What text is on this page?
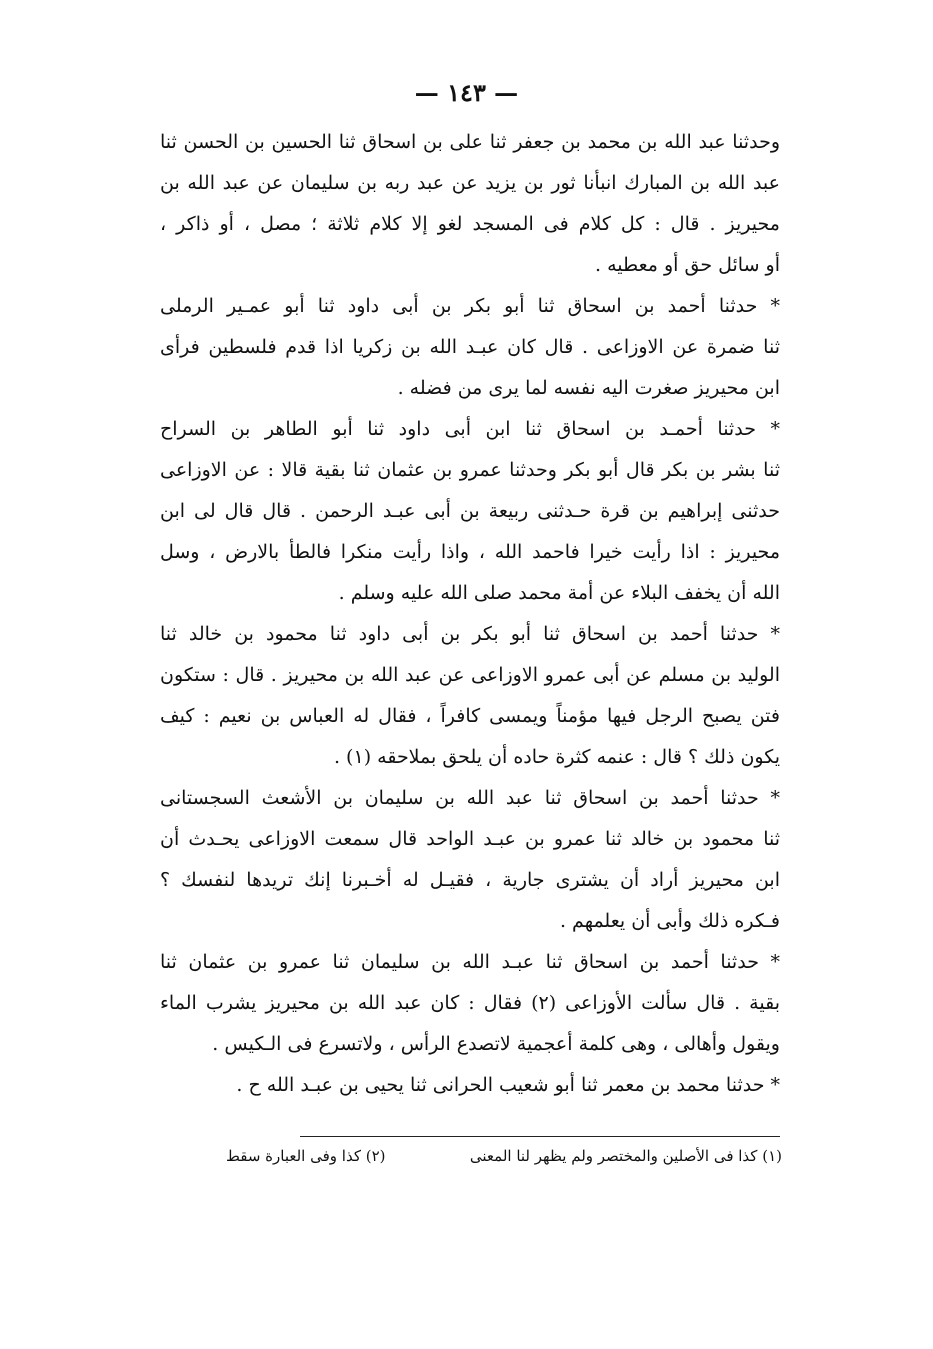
— ١٤٣ —
وحدثنا عبد الله بن محمد بن جعفر ثنا على بن اسحاق ثنا الحسين بن الحسن ثنا
عبد الله بن المبارك انبأنا ثور بن يزيد عن عبد ربه بن سليمان عن عبد الله بن
محيريز . قال : كل كلام فى المسجد لغو إلا كلام ثلاثة ؛ مصل ، أو ذاكر ،
أو سائل حق أو معطيه .
* حدثنا أحمد بن اسحاق ثنا أبو بكر بن أبى داود ثنا أبو عمـير الرملى
ثنا ضمرة عن الاوزاعى . قال كان عبـد الله بن زكريا اذا قدم فلسطين فرأى
ابن محيريز صغرت اليه نفسه لما يرى من فضله .
* حدثنا أحمـد بن اسحاق ثنا ابن أبى داود ثنا أبو الطاهر بن السراح
ثنا بشر بن بكر قال أبو بكر وحدثنا عمرو بن عثمان ثنا بقية قالا : عن الاوزاعى
حدثنى إبراهيم بن قرة حـدثنى ربيعة بن أبى عبـد الرحمن . قال قال لى ابن
محيريز : اذا رأيت خيرا فاحمد الله ، واذا رأيت منكرا فالطأ بالارض ، وسل
الله أن يخفف البلاء عن أمة محمد صلى الله عليه وسلم .
* حدثنا أحمد بن اسحاق ثنا أبو بكر بن أبى داود ثنا محمود بن خالد ثنا
الوليد بن مسلم عن أبى عمرو الاوزاعى عن عبد الله بن محيريز . قال : ستكون
فتن يصبح الرجل فيها مؤمناً ويمسى كافراً ، فقال له العباس بن نعيم : كيف
يكون ذلك ؟ قال : عنمه كثرة حاده أن يلحق بملاحقه (١) .
* حدثنا أحمد بن اسحاق ثنا عبد الله بن سليمان بن الأشعث السجستانى
ثنا محمود بن خالد ثنا عمرو بن عبـد الواحد قال سمعت الاوزاعى يحـدث أن
ابن محيريز أراد أن يشترى جارية ، فقيـل له أخـبرنا إنك تريدها لنفسك ؟
فـكره ذلك وأبى أن يعلمهم .
* حدثنا أحمد بن اسحاق ثنا عبـد الله بن سليمان ثنا عمرو بن عثمان ثنا
بقية . قال سألت الأوزاعى (٢) فقال : كان عبد الله بن محيريز يشرب الماء
ويقول وأهالى ، وهى كلمة أعجمية لاتصدع الرأس ، ولاتسرع فى الـكيس .
* حدثنا محمد بن معمر ثنا أبو شعيب الحرانى ثنا يحيى بن عبـد الله ح .
(١) كذا فى الأصلين والمختصر ولم يظهر لنا المعنى
(٢) كذا وفى العبارة سقط
